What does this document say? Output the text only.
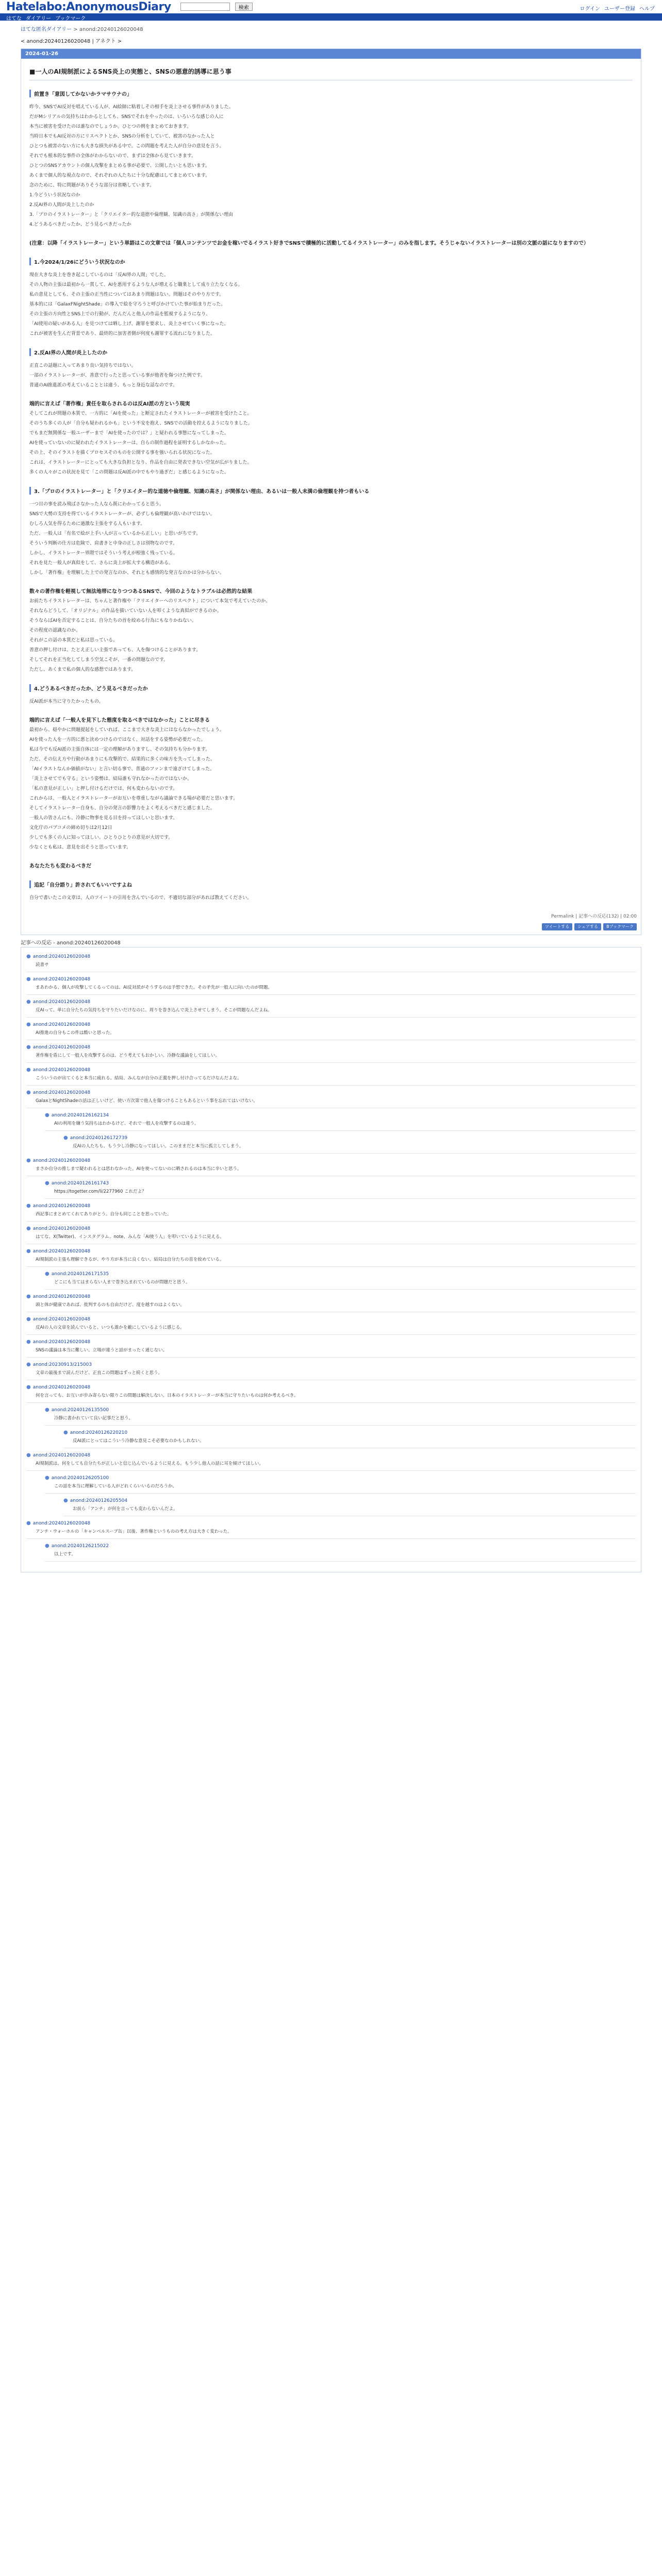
Hatelabo:AnonymousDiary	検索	ログイン ユーザー登録 ヘルプ
はてな ダイアリー ブックマーク
はてな匿名ダイアリー > anond:20240126020048
< anond:20240126020048 | アネクト >
2024-01-26
■一人のAI規制派によるSNS炎上の実態と、SNSの悪意的誘導に思う事
前置き「意図してかないかラマサウナの」
昨今、SNSでAI反対を唱えている人が、AI絵師に粘着しその相手を炎上させる事件がありました。
だがMシリアルの気持ちはわかるとしても、SNSでそれをやったのは、いろいろな感じの人に
本当に被害を受けたのは誰なのでしょうか。ひとつの例をまとめておきます。
当時日本でもAI反対の方にリスペクトとか、SNSの分析をしていて、被害のなかった人と
ひとつも被害のない方にも大きな損失がある中で。この問題を考えた人が自分の意見を言う。
それでも根本的な事件の全体がわからないので、まずは全体から見ていきます。
ひとつのSNSアカウントの個人攻撃をまとめる事が必要で、公開したいとも思います。
あくまで個人的な視点なので、それぞれの人たちに十分な配慮はしてまとめています。
念のために、特に問題がありそうな部分は省略しています。
1.今どういう状況なのか
2.反AI界の人間が炎上したのか
3.「プロのイラストレーター」と「クリエイター的な道徳や倫理観、知識の高さ」が関係ない理由
4.どうあるべきだったか、どう見るべきだったか
(注意：以降「イラストレーター」という単語はこの文章では「個人コンテンツでお金を稼いでるイラスト好きでSNSで積極的に活動してるイラストレーター」のみを指します。そうじゃないイラストレーターは別の文脈の話になりますので）
1.今2024/1/26にどういう状況なのか
現在大きな炎上を巻き起こしているのは「反AI界の人間」でした。
その人物の主張は最初から一貫して、AIを悪用するような人が増えると職業として成り立たなくなる。
私の意見としても、その主張の正当性についてはあまり問題はない。問題はそのやり方です。
基本的には「GalaxFNightShade」の導入で絵を守ろうと呼びかけていた事が始まりだった。
その主張の方向性とSNS上での行動が、だんだんと他人の作品を監視するようになり、
「AI使用の疑いがある人」を見つけては晒し上げ、謝罪を要求し、炎上させていく事になった。
これが被害を生んだ背景であり、最終的に加害者側が何度も謝罪する流れになりました。
2.反AI界の人間が炎上したのか
正直この話題に入ってあまり良い気持ちではない。
一部のイラストレーターが、善意で行ったと思っている事が他者を傷つけた例です。
普通のAI推進派の考えていることとは違う、もっと身近な話なのです。
端的に言えば「著作権」責任を取らされるのは反AI派の方という現実
そしてこれが問題の本質で、一方的に「AIを使った」と断定されたイラストレーターが被害を受けたこと。
そのうち多くの人が「自分も疑われるかも」という不安を抱え、SNSでの活動を控えるようになりました。
でもまだ無関係な一般ユーザーまで「AIを使ったのでは？」と疑われる事態になってしまった。
AIを使っていないのに疑われたイラストレーターは、自らの制作過程を証明するしかなかった。
その上、そのイラストを描くプロセスそのものを公開する事を強いられる状況になった。
これは、イラストレーターにとっても大きな負担となり、作品を自由に発表できない空気が広がりました。
多くの人々がこの状況を見て「この問題は反AI派の中でもやり過ぎだ」と感じるようになった。
3.「プロのイラストレーター」と「クリエイター的な道徳や倫理観、知識の高さ」が関係ない理由、あるいは一般人未満の倫理観を持つ者もいる
一つ目の事を読み飛ばさなかった人なら既にわかってると思う。
SNSで大勢の支持を得ているイラストレーターが、必ずしも倫理観が高いわけではない。
むしろ人気を得るために過激な主張をする人もいます。
ただ、一般人は「有名で絵が上手い人が言っているから正しい」と思いがちです。
そういう判断の仕方は危険で、肩書きと中身の正しさは別物なのです。
しかし、イラストレーター界隈ではそういう考えが根強く残っている。
それを見た一般人が真似をして、さらに炎上が拡大する構造がある。
しかし「著作権」を理解した上での発言なのか、それとも感情的な発言なのかは分からない。
数々の著作権を軽視して無法地帯になりつつあるSNSで、今回のようなトラブルは必然的な結果
お前たちイラストレーターは、ちゃんと著作権や「クリエイターへのリスペクト」について本気で考えていたのか。
それならどうして、「オリジナル」の作品を描いていない人を叩くような真似ができるのか。
そうならばAIを否定することは、自分たちの首を絞める行為にもなりかねない。
その程度の認識なのか。
それがこの話の本質だと私は思っている。
善意の押し付けは、たとえ正しい主張であっても、人を傷つけることがあります。
そしてそれを正当化してしまう空気こそが、一番の問題なのです。
ただし、あくまで私の個人的な感想ではあります。
4.どうあるべきだったか、どう見るべきだったか
反AI派が本当に守りたかったもの。
端的に言えば「一般人を見下した態度を取るべきではなかった」ことに尽きる
最初から、穏やかに問題提起をしていれば、ここまで大きな炎上にはならなかったでしょう。
AIを使った人を一方的に悪と決めつけるのではなく、対話をする姿勢が必要だった。
私は今でも反AI派の主張自体には一定の理解がありますし、その気持ちも分かります。
ただ、その伝え方や行動があまりにも攻撃的で、結果的に多くの味方を失ってしまった。
「AIイラストなんか価値がない」と言い切る事で、普通のファンまで遠ざけてしまった。
「炎上させてでも守る」という姿勢は、結局誰も守れなかったのではないか。
「私の意見が正しい」と押し付けるだけでは、何も変わらないのです。
これからは、一般人とイラストレーターがお互いを尊重しながら議論できる場が必要だと思います。
そしてイラストレーター自身も、自分の発言の影響力をよく考えるべきだと感じました。
一般人の皆さんにも、冷静に物事を見る目を持ってほしいと思います。
文化庁のパブコメの締め切りは2月12日
少しでも多くの人に知ってほしい。ひとりひとりの意見が大切です。
少なくとも私は、意見を出そうと思っています。
あなたたちも変わるべきだ
追記「自分語り」許されてもいいですよね
自分で書いたこの文章は、人のツイートの引用を含んでいるので、不適切な部分があれば教えてください。
Permalink | 記事への反応(132) | 02:00
ツイートする	シェアする	Bブックマーク
記事への反応 - anond:20240126020048
● anond:20240126020048
読書サ
● anond:20240126020048
まあわかる、個人が攻撃してくるってのは、AI反対派がそうするのは予想できた。その矛先が一般人に向いたのが問題。
● anond:20240126020048
反AIって、単に自分たちの気持ちを守りたいだけなのに、周りを巻き込んで炎上させてしまう。そこが問題なんだよね。
● anond:20240126020048
AI推進の自分もこの件は酷いと思った。
● anond:20240126020048
著作権を盾にして一般人を攻撃するのは、どう考えてもおかしい。冷静な議論をしてほしい。
● anond:20240126020048
こういうのが出てくると本当に疲れる。結局、みんなが自分の正義を押し付け合ってるだけなんだよな。
● anond:20240126020048
GalaxとNightShadeの話は正しいけど、使い方次第で他人を傷つけることもあるという事を忘れてはいけない。
● anond:20240126162134
AIの利用を嫌う気持ちはわかるけど、それで一般人を攻撃するのは違う。
● anond:20240126172739
反AIの人たちも、もう少し冷静になってほしい。このままだと本当に孤立してしまう。
● anond:20240126020048
まさか自分の推しまで疑われるとは思わなかった。AIを使ってないのに晒されるのは本当に辛いと思う。
● anond:20240126161743
https://togetter.com/li/2277960 これだよ？
● anond:20240126020048
西記事にまとめてくれてありがとう。自分も同じことを思っていた。
● anond:20240126020048
はてな、X(Twitter)、インスタグラム、note、みんな「AI使う人」を叩いているように見える。
● anond:20240126020048
AI規制派の主張も理解できるが、やり方が本当に良くない。結局は自分たちの首を絞めている。
● anond:20240126171535
どこにも当てはまらない人まで巻き込まれているのが問題だと思う。
● anond:20240126020048
頭と体が健康であれば、批判するのも自由だけど、度を越すのはよくない。
● anond:20240126020048
反AIの人の文章を読んでいると、いつも誰かを敵にしているように感じる。
● anond:20240126020048
SNSの議論は本当に難しい。立場が違うと話がまったく通じない。
● anond:20230913/215003
文章の最後まで読んだけど、正直この問題はずっと続くと思う。
● anond:20240126020048
何を言っても、お互いが歩み寄らない限りこの問題は解決しない。日本のイラストレーターが本当に守りたいものは何か考えるべき。
● anond:20240126135500
冷静に書かれていて良い記事だと思う。
● anond:20240126220210
反AI派にとってはこういう冷静な意見こそ必要なのかもしれない。
● anond:20240126020048
AI規制派は、何をしても自分たちが正しいと信じ込んでいるように見える。もう少し他人の話に耳を傾けてほしい。
● anond:20240126205100
この話を本当に理解している人がどれくらいいるのだろうか。
● anond:20240126205504
お前ら「アンチ」が何を言っても変わらないんだよ。
● anond:20240126020048
アンチ・ウォーホルの「キャンベルスープ缶」以後、著作権というものの考え方は大きく変わった。
● anond:20240126215022
以上です。
